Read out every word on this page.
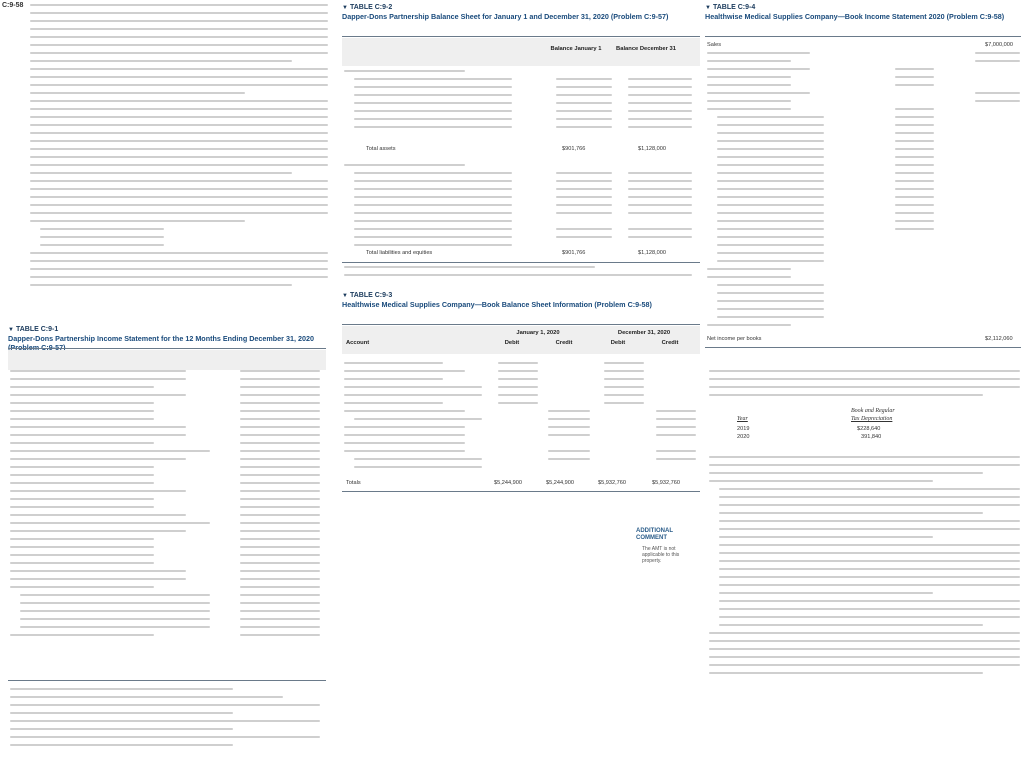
C:9-58
▼ TABLE C:9-1
Dapper-Dons Partnership Income Statement for the 12 Months Ending December 31, 2020
▼ TABLE C:9-2
Dapper-Dons Partnership Balance Sheet for January 1 and December 31, 2020 (Problem C:9-57)
Balance January 1	Balance December 31
Total assets	$901,766	$1,128,000
Total liabilities and equities	$901,766	$1,128,000
▼ TABLE C:9-3
Healthwise Medical Supplies Company—Book Balance Sheet Information (Problem C:9-58)
Account
January 1, 2020	December 31, 2020
Debit	Credit	Debit	Credit
Totals	$5,244,900	$5,244,900	$5,932,760	$5,932,760
ADDITIONAL COMMENT
The AMT is not applicable to this property.
▼ TABLE C:9-4
Healthwise Medical Supplies Company—Book Income Statement 2020 (Problem C:9-58)
Sales	$7,000,000
Net income per books	$2,112,060
Book and Regular
Year	Tax Depreciation
2019	$228,640
2020	391,840
